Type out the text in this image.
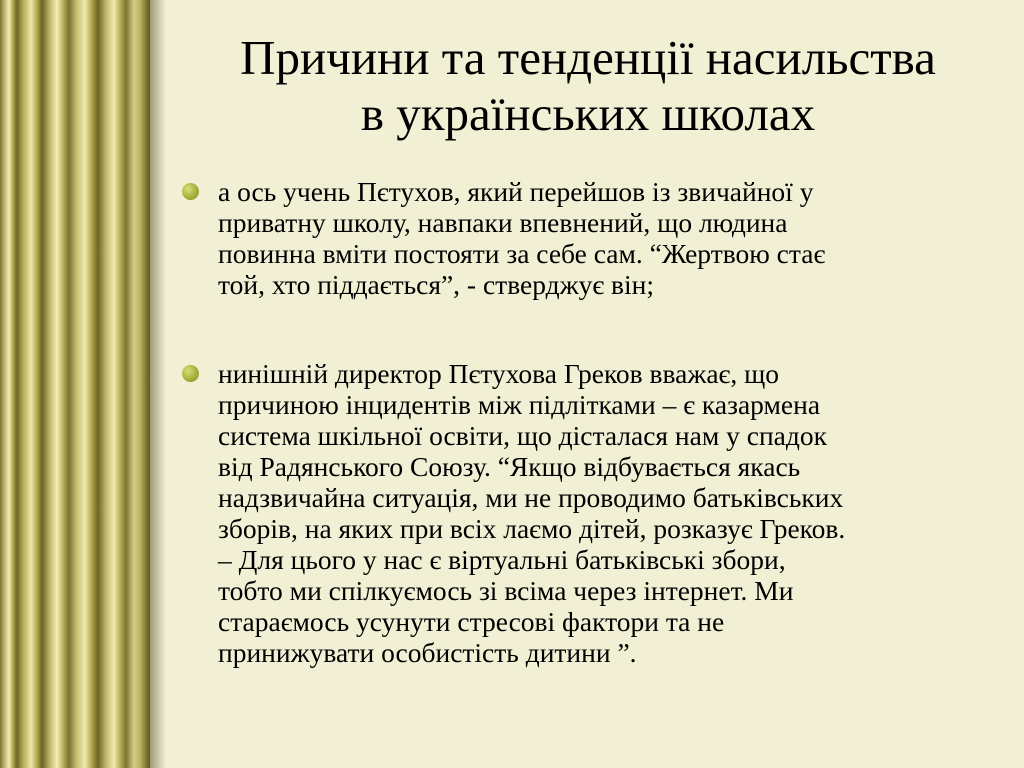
Причини та тенденції насильства
в українських школах
а ось учень Пєтухов, який перейшов із звичайної у
приватну школу, навпаки впевнений, що людина
повинна вміти постояти за себе сам. “Жертвою стає
той, хто піддається”, - стверджує він;
нинішній директор Пєтухова Греков вважає, що
причиною інцидентів між підлітками – є казармена
система шкільної освіти, що дісталася нам у спадок
від Радянського Союзу. “Якщо відбувається якась
надзвичайна ситуація, ми не проводимо батьківських
зборів, на яких при всіх лаємо дітей, розказує Греков.
– Для цього у нас є віртуальні батьківські збори,
тобто ми спілкуємось зі всіма через інтернет. Ми
стараємось усунути стресові фактори та не
принижувати особистість дитини ”.
